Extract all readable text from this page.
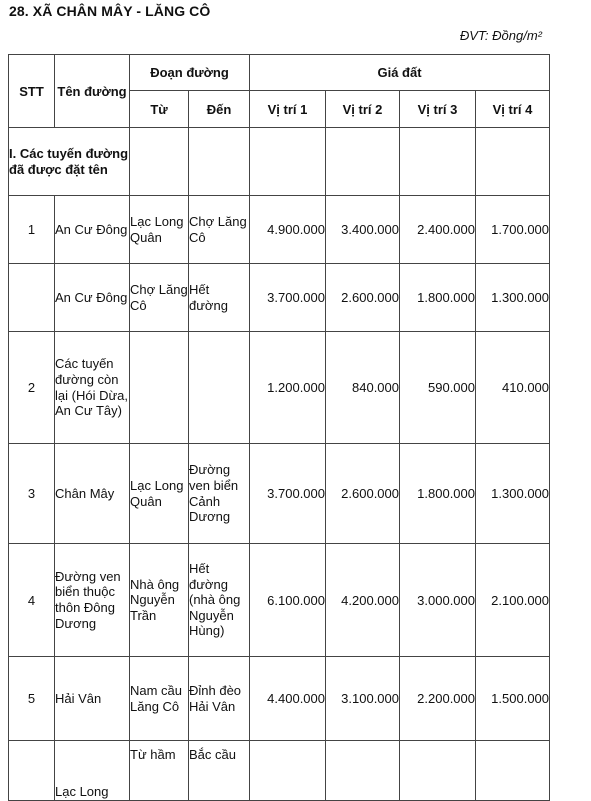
28. XÃ CHÂN MÂY - LĂNG CÔ
ĐVT: Đồng/m²
STT	Tên đường	Đoạn đường		Giá đất			
		Từ	Đến	Vị trí 1	Vị trí 2	Vị trí 3	Vị trí 4
I. Các tuyến đường đã được đặt tên							
1	An Cư Đông	Lạc Long Quân	Chợ Lăng Cô	4.900.000	3.400.000	2.400.000	1.700.000
	An Cư Đông	Chợ Lăng Cô	Hết đường	3.700.000	2.600.000	1.800.000	1.300.000
2	Các tuyến đường còn lại (Hói Dừa, An Cư Tây)			1.200.000	840.000	590.000	410.000
3	Chân Mây	Lạc Long Quân	Đường ven biển Cảnh Dương	3.700.000	2.600.000	1.800.000	1.300.000
4	Đường ven biển thuộc thôn Đông Dương	Nhà ông Nguyễn Trần	Hết đường (nhà ông Nguyễn Hùng)	6.100.000	4.200.000	3.000.000	2.100.000
5	Hải Vân	Nam cầu Lăng Cô	Đỉnh đèo Hải Vân	4.400.000	3.100.000	2.200.000	1.500.000
	Lạc Long	Từ hầm	Bắc cầu				
